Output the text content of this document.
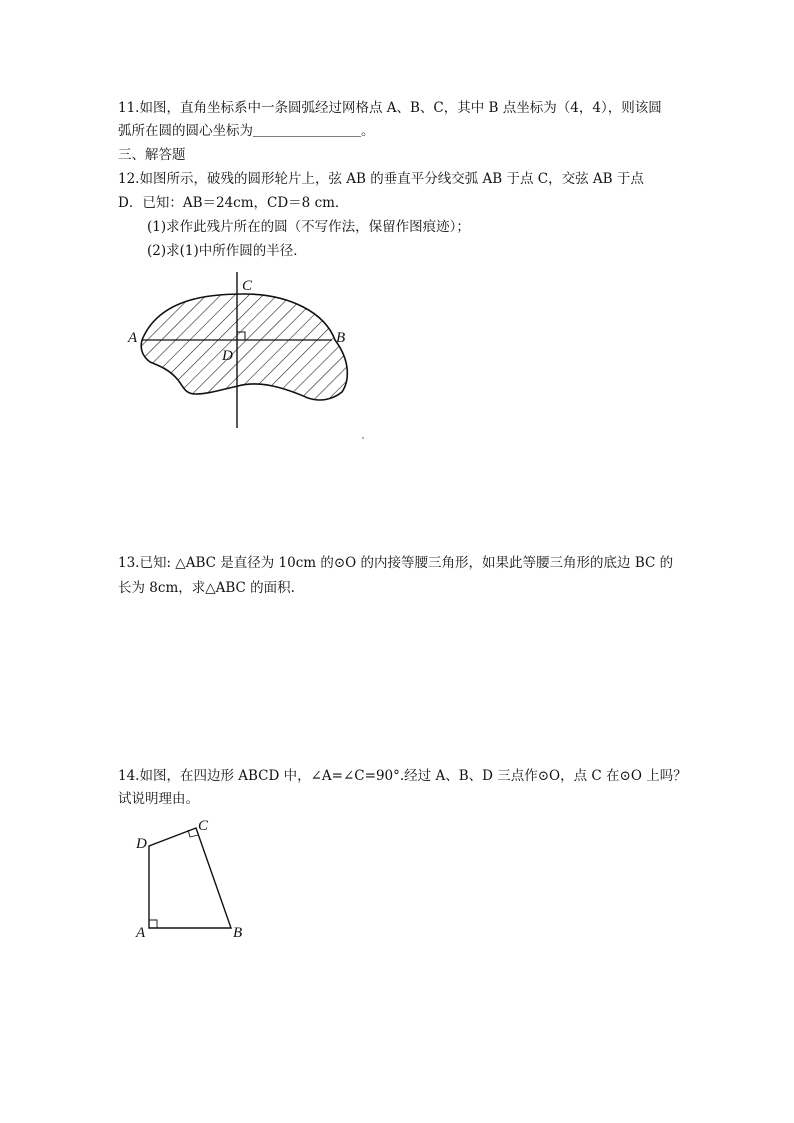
11.如图，直角坐标系中一条圆弧经过网格点 A、B、C，其中 B 点坐标为（4，4），则该圆
弧所在圆的圆心坐标为＿＿＿＿＿＿＿＿。
三、解答题
12.如图所示，破残的圆形轮片上，弦 AB 的垂直平分线交弧 AB 于点 C，交弦 AB 于点
D．已知：AB＝24cm，CD＝8 cm．
(1)求作此残片所在的圆（不写作法，保留作图痕迹）；
(2)求(1)中所作圆的半径．
A	B
C
D
13.已知: △ABC 是直径为 10cm 的⊙O 的内接等腰三角形，如果此等腰三角形的底边 BC 的
长为 8cm，求△ABC 的面积.
14.如图，在四边形 ABCD 中，∠A=∠C=90°.经过 A、B、D 三点作⊙O，点 C 在⊙O 上吗？
试说明理由。
A	B
C
D
